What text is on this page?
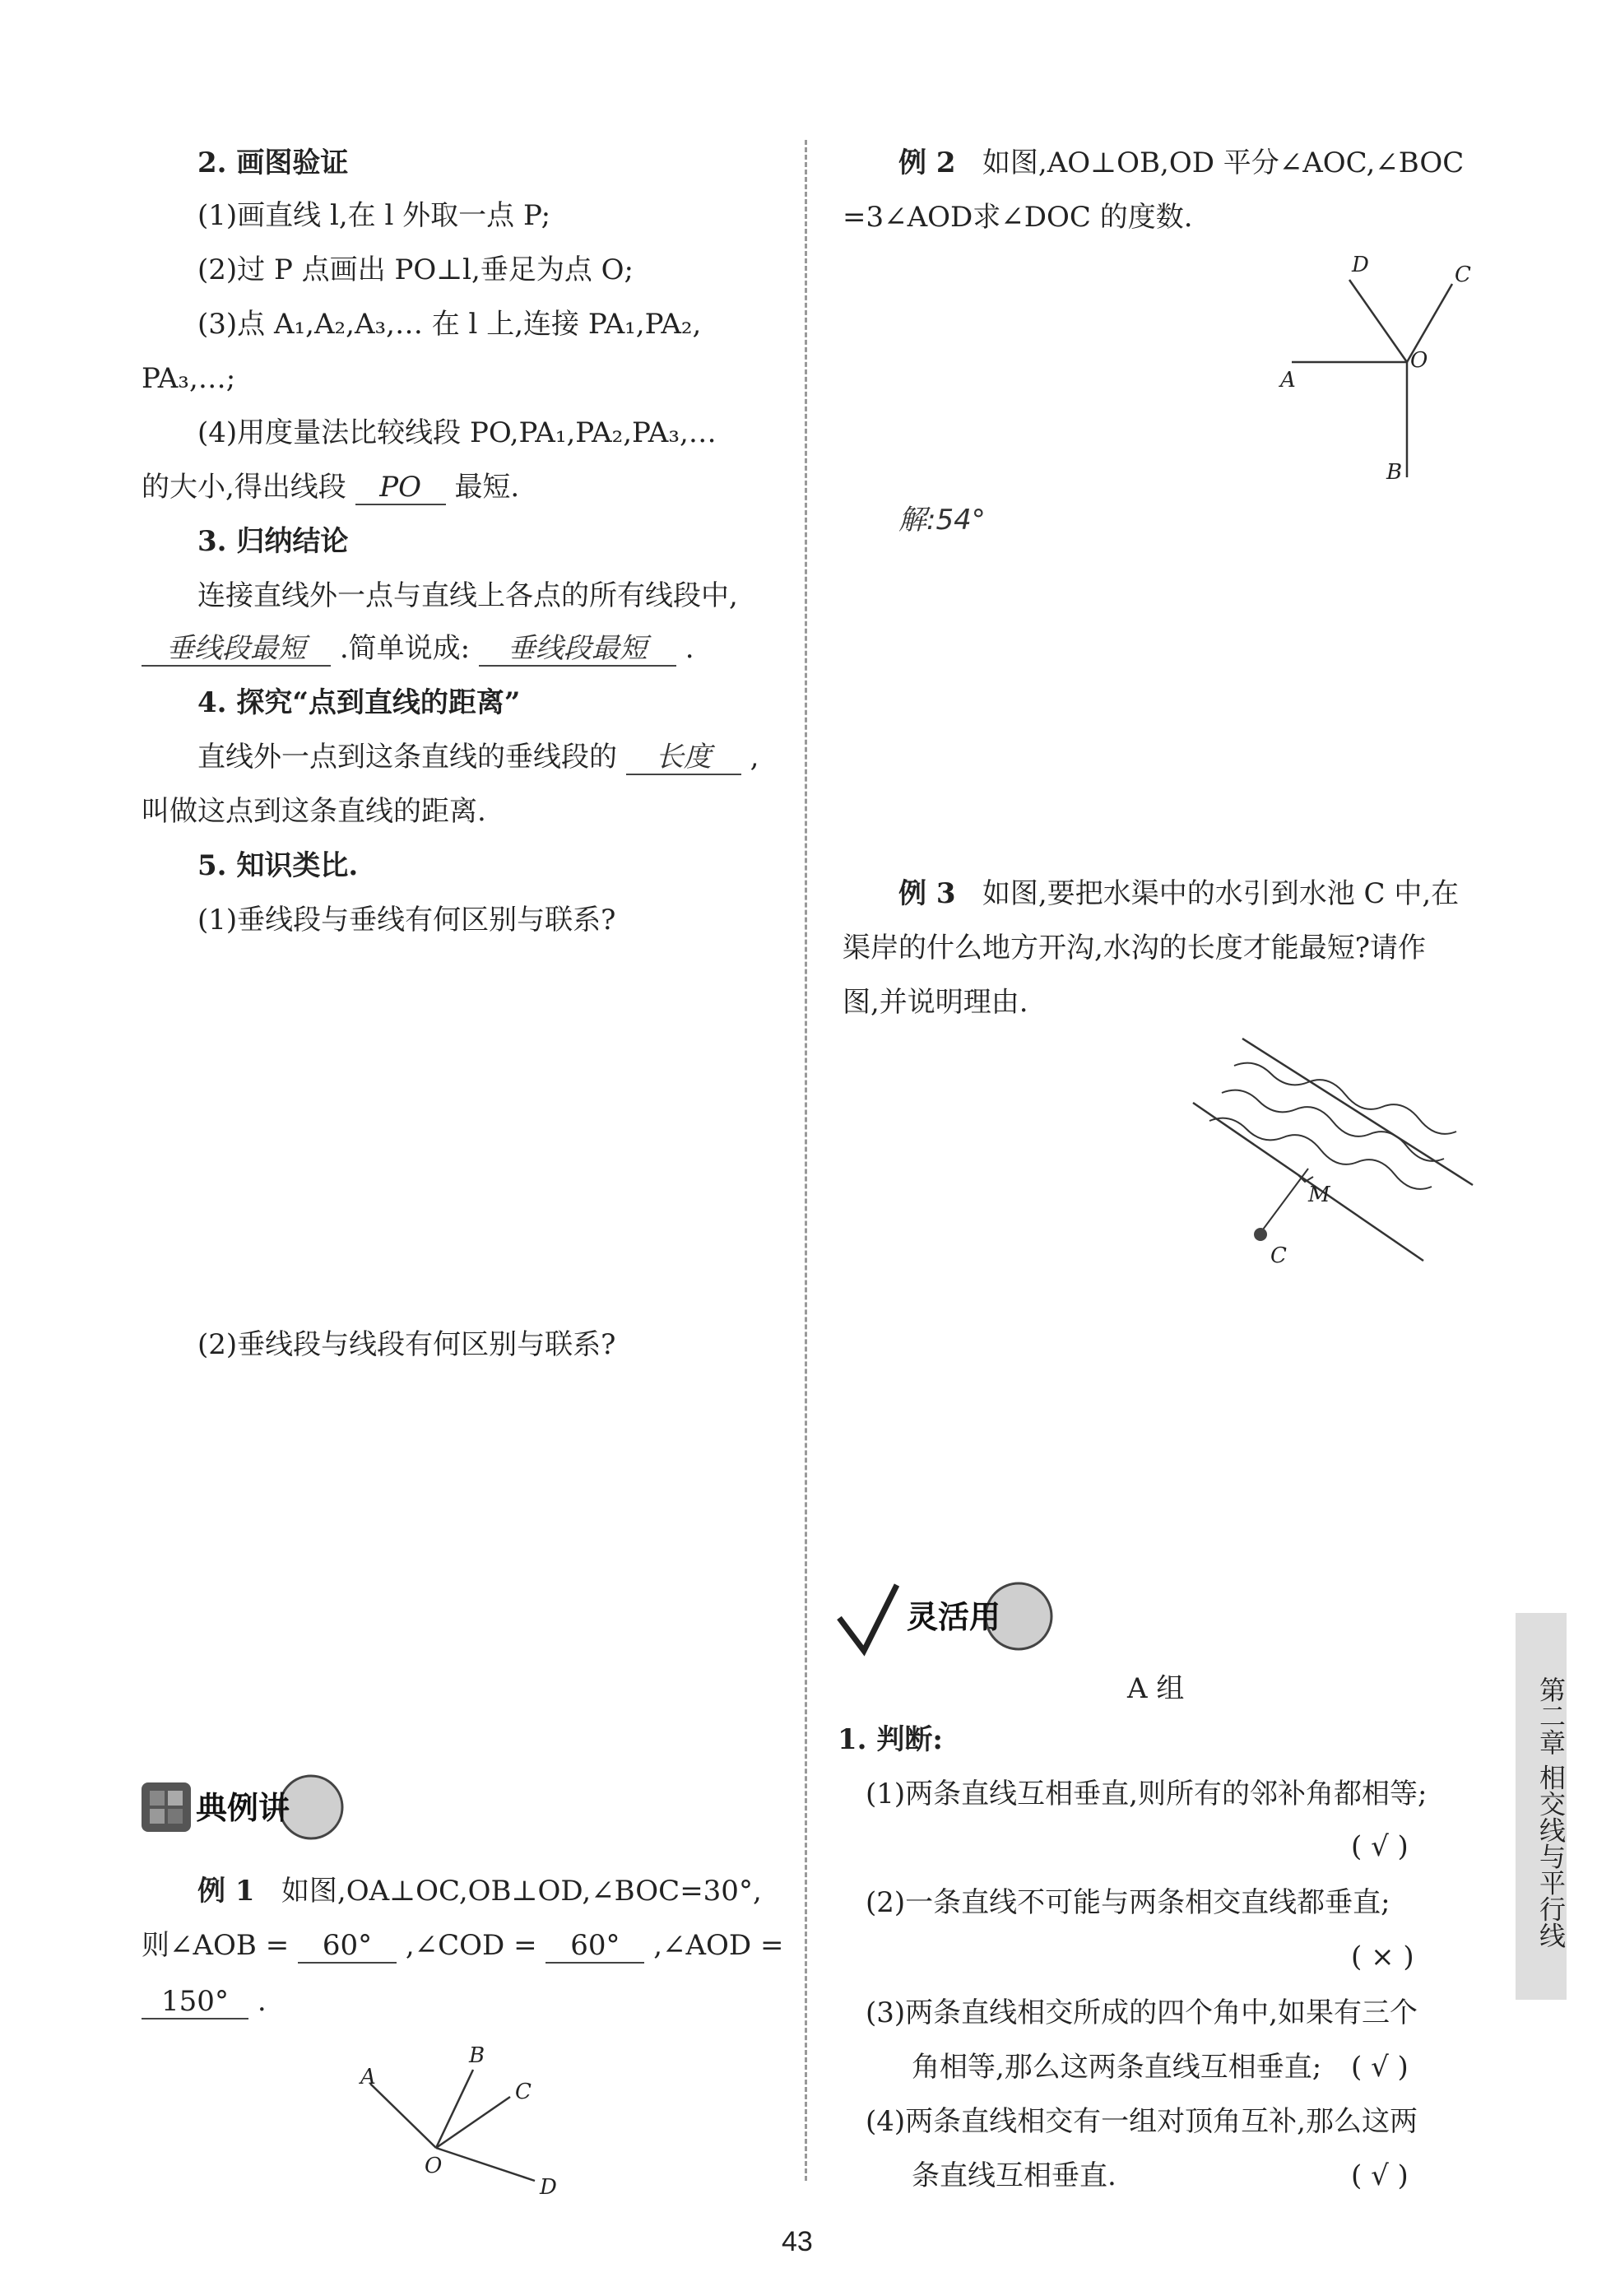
2. 画图验证
(1)画直线 l,在 l 外取一点 P;
(2)过 P 点画出 PO⊥l,垂足为点 O;
(3)点 A₁,A₂,A₃,… 在 l 上,连接 PA₁,PA₂,
PA₃,…;
(4)用度量法比较线段 PO,PA₁,PA₂,PA₃,…
的大小,得出线段 PO 最短.
3. 归纳结论
连接直线外一点与直线上各点的所有线段中,
垂线段最短 .简单说成: 垂线段最短 .
4. 探究“点到直线的距离”
直线外一点到这条直线的垂线段的 长度 ,
叫做这点到这条直线的距离.
5. 知识类比.
(1)垂线段与垂线有何区别与联系?
(2)垂线段与线段有何区别与联系?
典例讲
例 1 如图,OA⊥OC,OB⊥OD,∠BOC=30°,
则∠AOB = 60° ,∠COD = 60° ,∠AOD =
150° .
A
B
C
O
D
例 2 如图,AO⊥OB,OD 平分∠AOC,∠BOC
=3∠AOD求∠DOC 的度数.
D	C
A
O
B
解:54°
例 3 如图,要把水渠中的水引到水池 C 中,在
渠岸的什么地方开沟,水沟的长度才能最短?请作
图,并说明理由.
M
C
灵活用
A 组
1. 判断:
(1)两条直线互相垂直,则所有的邻补角都相等;
( √ )
(2)一条直线不可能与两条相交直线都垂直;
( × )
(3)两条直线相交所成的四个角中,如果有三个
角相等,那么这两条直线互相垂直; ( √ )
(4)两条直线相交有一组对顶角互补,那么这两
条直线互相垂直.	( √ )
第二章 相交线与平行线
43
